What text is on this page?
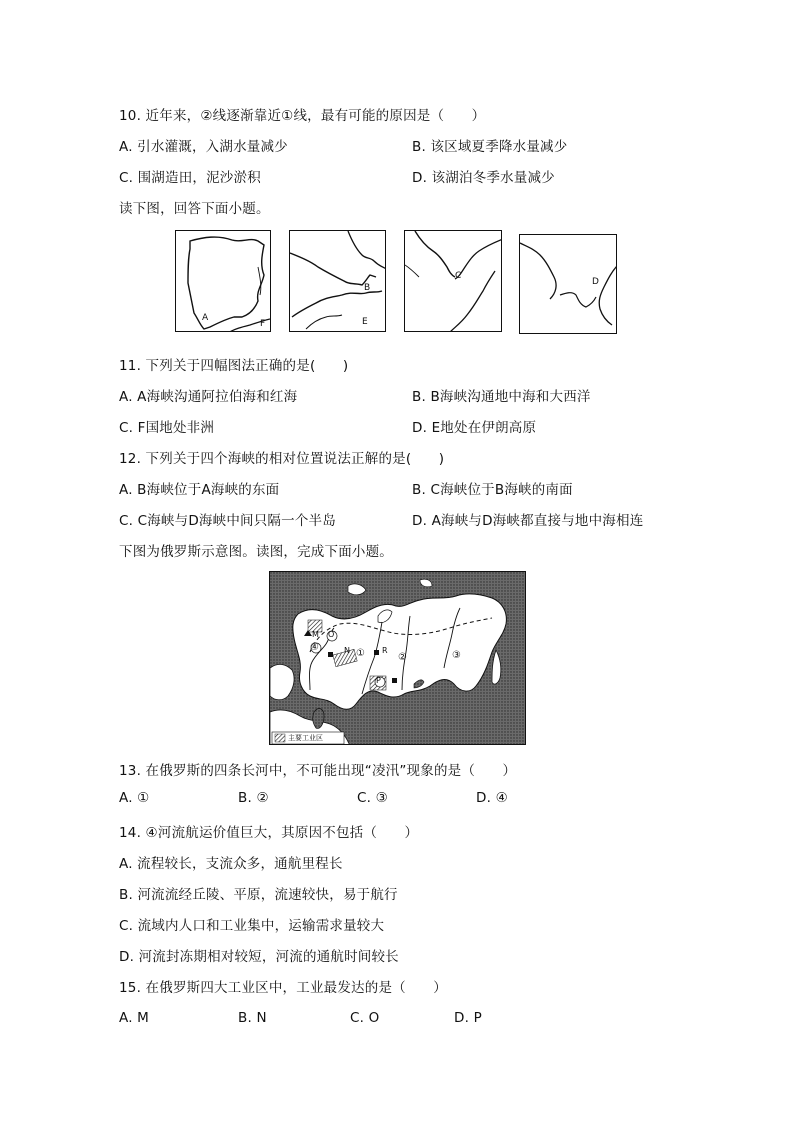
10. 近年来，②线逐渐靠近①线，最有可能的原因是（　　）
A. 引水灌溉，入湖水量减少	B. 该区域夏季降水量减少
C. 围湖造田，泥沙淤积	D. 该湖泊冬季水量减少
读下图，回答下面小题。
A
F
B
E
C
D
11. 下列关于四幅图法正确的是(　　)
A. A海峡沟通阿拉伯海和红海	B. B海峡沟通地中海和大西洋
C. F国地处非洲	D. E地处在伊朗高原
12. 下列关于四个海峡的相对位置说法正解的是(　　)
A. B海峡位于A海峡的东面	B. C海峡位于B海峡的南面
C. C海峡与D海峡中间只隔一个半岛	D. A海峡与D海峡都直接与地中海相连
下图为俄罗斯示意图。读图，完成下面小题。
M
N
O
P
R
①	②	③
④
主要工业区
13. 在俄罗斯的四条长河中，不可能出现“凌汛”现象的是（　　）
A. ①	B. ②	C. ③	D. ④
14. ④河流航运价值巨大，其原因不包括（　　）
A. 流程较长，支流众多，通航里程长
B. 河流流经丘陵、平原，流速较快，易于航行
C. 流域内人口和工业集中，运输需求量较大
D. 河流封冻期相对较短，河流的通航时间较长
15. 在俄罗斯四大工业区中，工业最发达的是（　　）
A. M	B. N	C. O	D. P
